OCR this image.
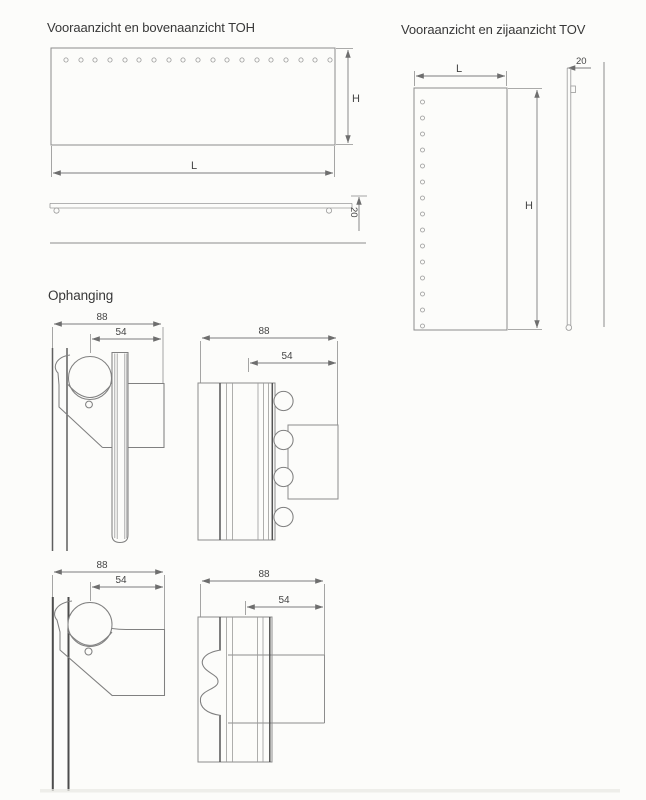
Vooraanzicht en bovenaanzicht TOH	Vooraanzicht en zijaanzicht TOV
Ophanging
H
L
20
L
H
20
88
54	88
54
88
54
88
54
